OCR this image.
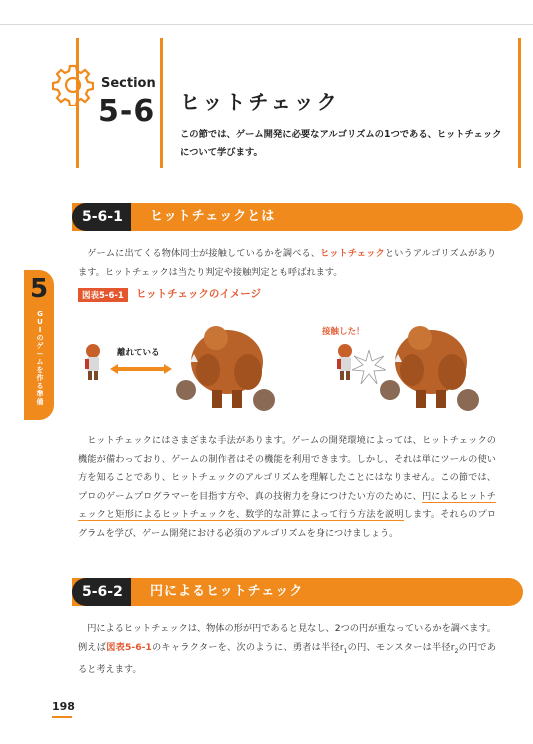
Section
5-6 ヒットチェック
この節では、ゲーム開発に必要なアルゴリズムの1つである、ヒットチェックについて学びます。
5
GUIのゲームを作る準備
ヒットチェックとは
5-6-1
ゲームに出てくる物体同士が接触しているかを調べる、ヒットチェックというアルゴリズムがあります。ヒットチェックは当たり判定や接触判定とも呼ばれます。
図表5-6-1	ヒットチェックのイメージ
離れている
接触した！
ヒットチェックにはさまざまな手法があります。ゲームの開発環境によっては、ヒットチェックの機能が備わっており、ゲームの制作者はその機能を利用できます。しかし、それは単にツールの使い方を知ることであり、ヒットチェックのアルゴリズムを理解したことにはなりません。この節では、プロのゲームプログラマーを目指す方や、真の技術力を身につけたい方のために、円によるヒットチェックと矩形によるヒットチェックを、数学的な計算によって行う方法を説明します。それらのプログラムを学び、ゲーム開発における必須のアルゴリズムを身につけましょう。
円によるヒットチェック
5-6-2
円によるヒットチェックは、物体の形が円であると見なし、2つの円が重なっているかを調べます。例えば図表5-6-1のキャラクターを、次のように、勇者は半径$r_1$の円、モンスターは半径$r_2$の円であると考えます。
198
